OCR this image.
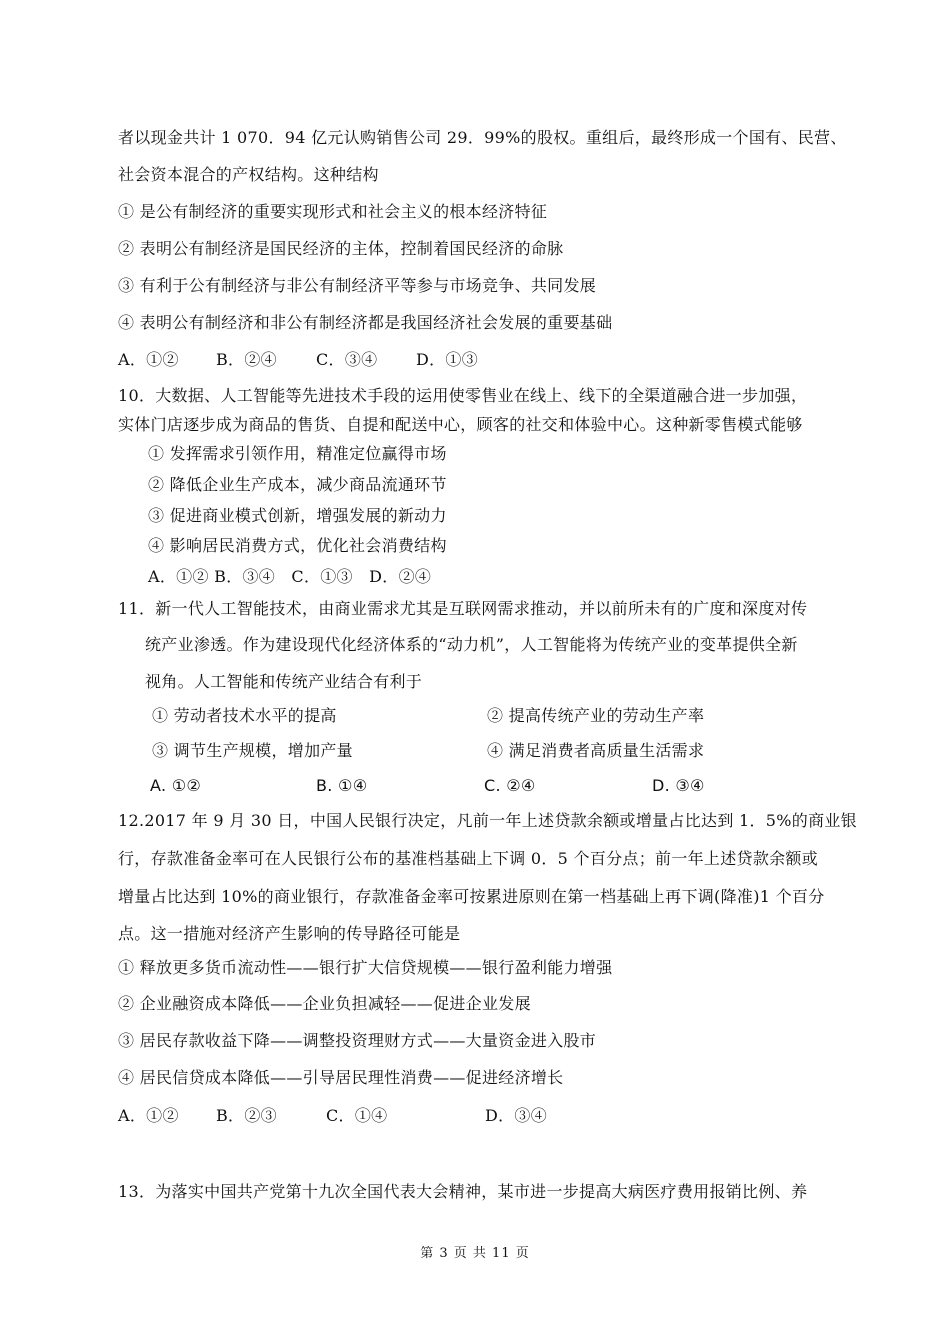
者以现金共计 1 070．94 亿元认购销售公司 29．99%的股权。重组后，最终形成一个国有、民营、
社会资本混合的产权结构。这种结构
① 是公有制经济的重要实现形式和社会主义的根本经济特征
② 表明公有制经济是国民经济的主体，控制着国民经济的命脉
③ 有利于公有制经济与非公有制经济平等参与市场竞争、共同发展
④ 表明公有制经济和非公有制经济都是我国经济社会发展的重要基础
A．①② B．②④ C．③④ D．①③
10．大数据、人工智能等先进技术手段的运用使零售业在线上、线下的全渠道融合进一步加强，
实体门店逐步成为商品的售货、自提和配送中心，顾客的社交和体验中心。这种新零售模式能够
① 发挥需求引领作用，精准定位赢得市场
② 降低企业生产成本，减少商品流通环节
③ 促进商业模式创新，增强发展的新动力
④ 影响居民消费方式，优化社会消费结构
A．①② B．③④　C．①③　D．②④
11．新一代人工智能技术，由商业需求尤其是互联网需求推动，并以前所未有的广度和深度对传
统产业渗透。作为建设现代化经济体系的“动力机”，人工智能将为传统产业的变革提供全新
视角。人工智能和传统产业结合有利于
① 劳动者技术水平的提高	② 提高传统产业的劳动生产率
③ 调节生产规模，增加产量	④ 满足消费者高质量生活需求
A. ①②	B. ①④	C. ②④	D. ③④
12.2017 年 9 月 30 日，中国人民银行决定，凡前一年上述贷款余额或增量占比达到 1．5%的商业银
行，存款准备金率可在人民银行公布的基准档基础上下调 0．5 个百分点；前一年上述贷款余额或
增量占比达到 10%的商业银行，存款准备金率可按累进原则在第一档基础上再下调(降准)1 个百分
点。这一措施对经济产生影响的传导路径可能是
① 释放更多货币流动性——银行扩大信贷规模——银行盈利能力增强
② 企业融资成本降低——企业负担减轻——促进企业发展
③ 居民存款收益下降——调整投资理财方式——大量资金进入股市
④ 居民信贷成本降低——引导居民理性消费——促进经济增长
A．①② B．②③	C．①④	D．③④
13．为落实中国共产党第十九次全国代表大会精神，某市进一步提高大病医疗费用报销比例、养
第 3 页 共 11 页
